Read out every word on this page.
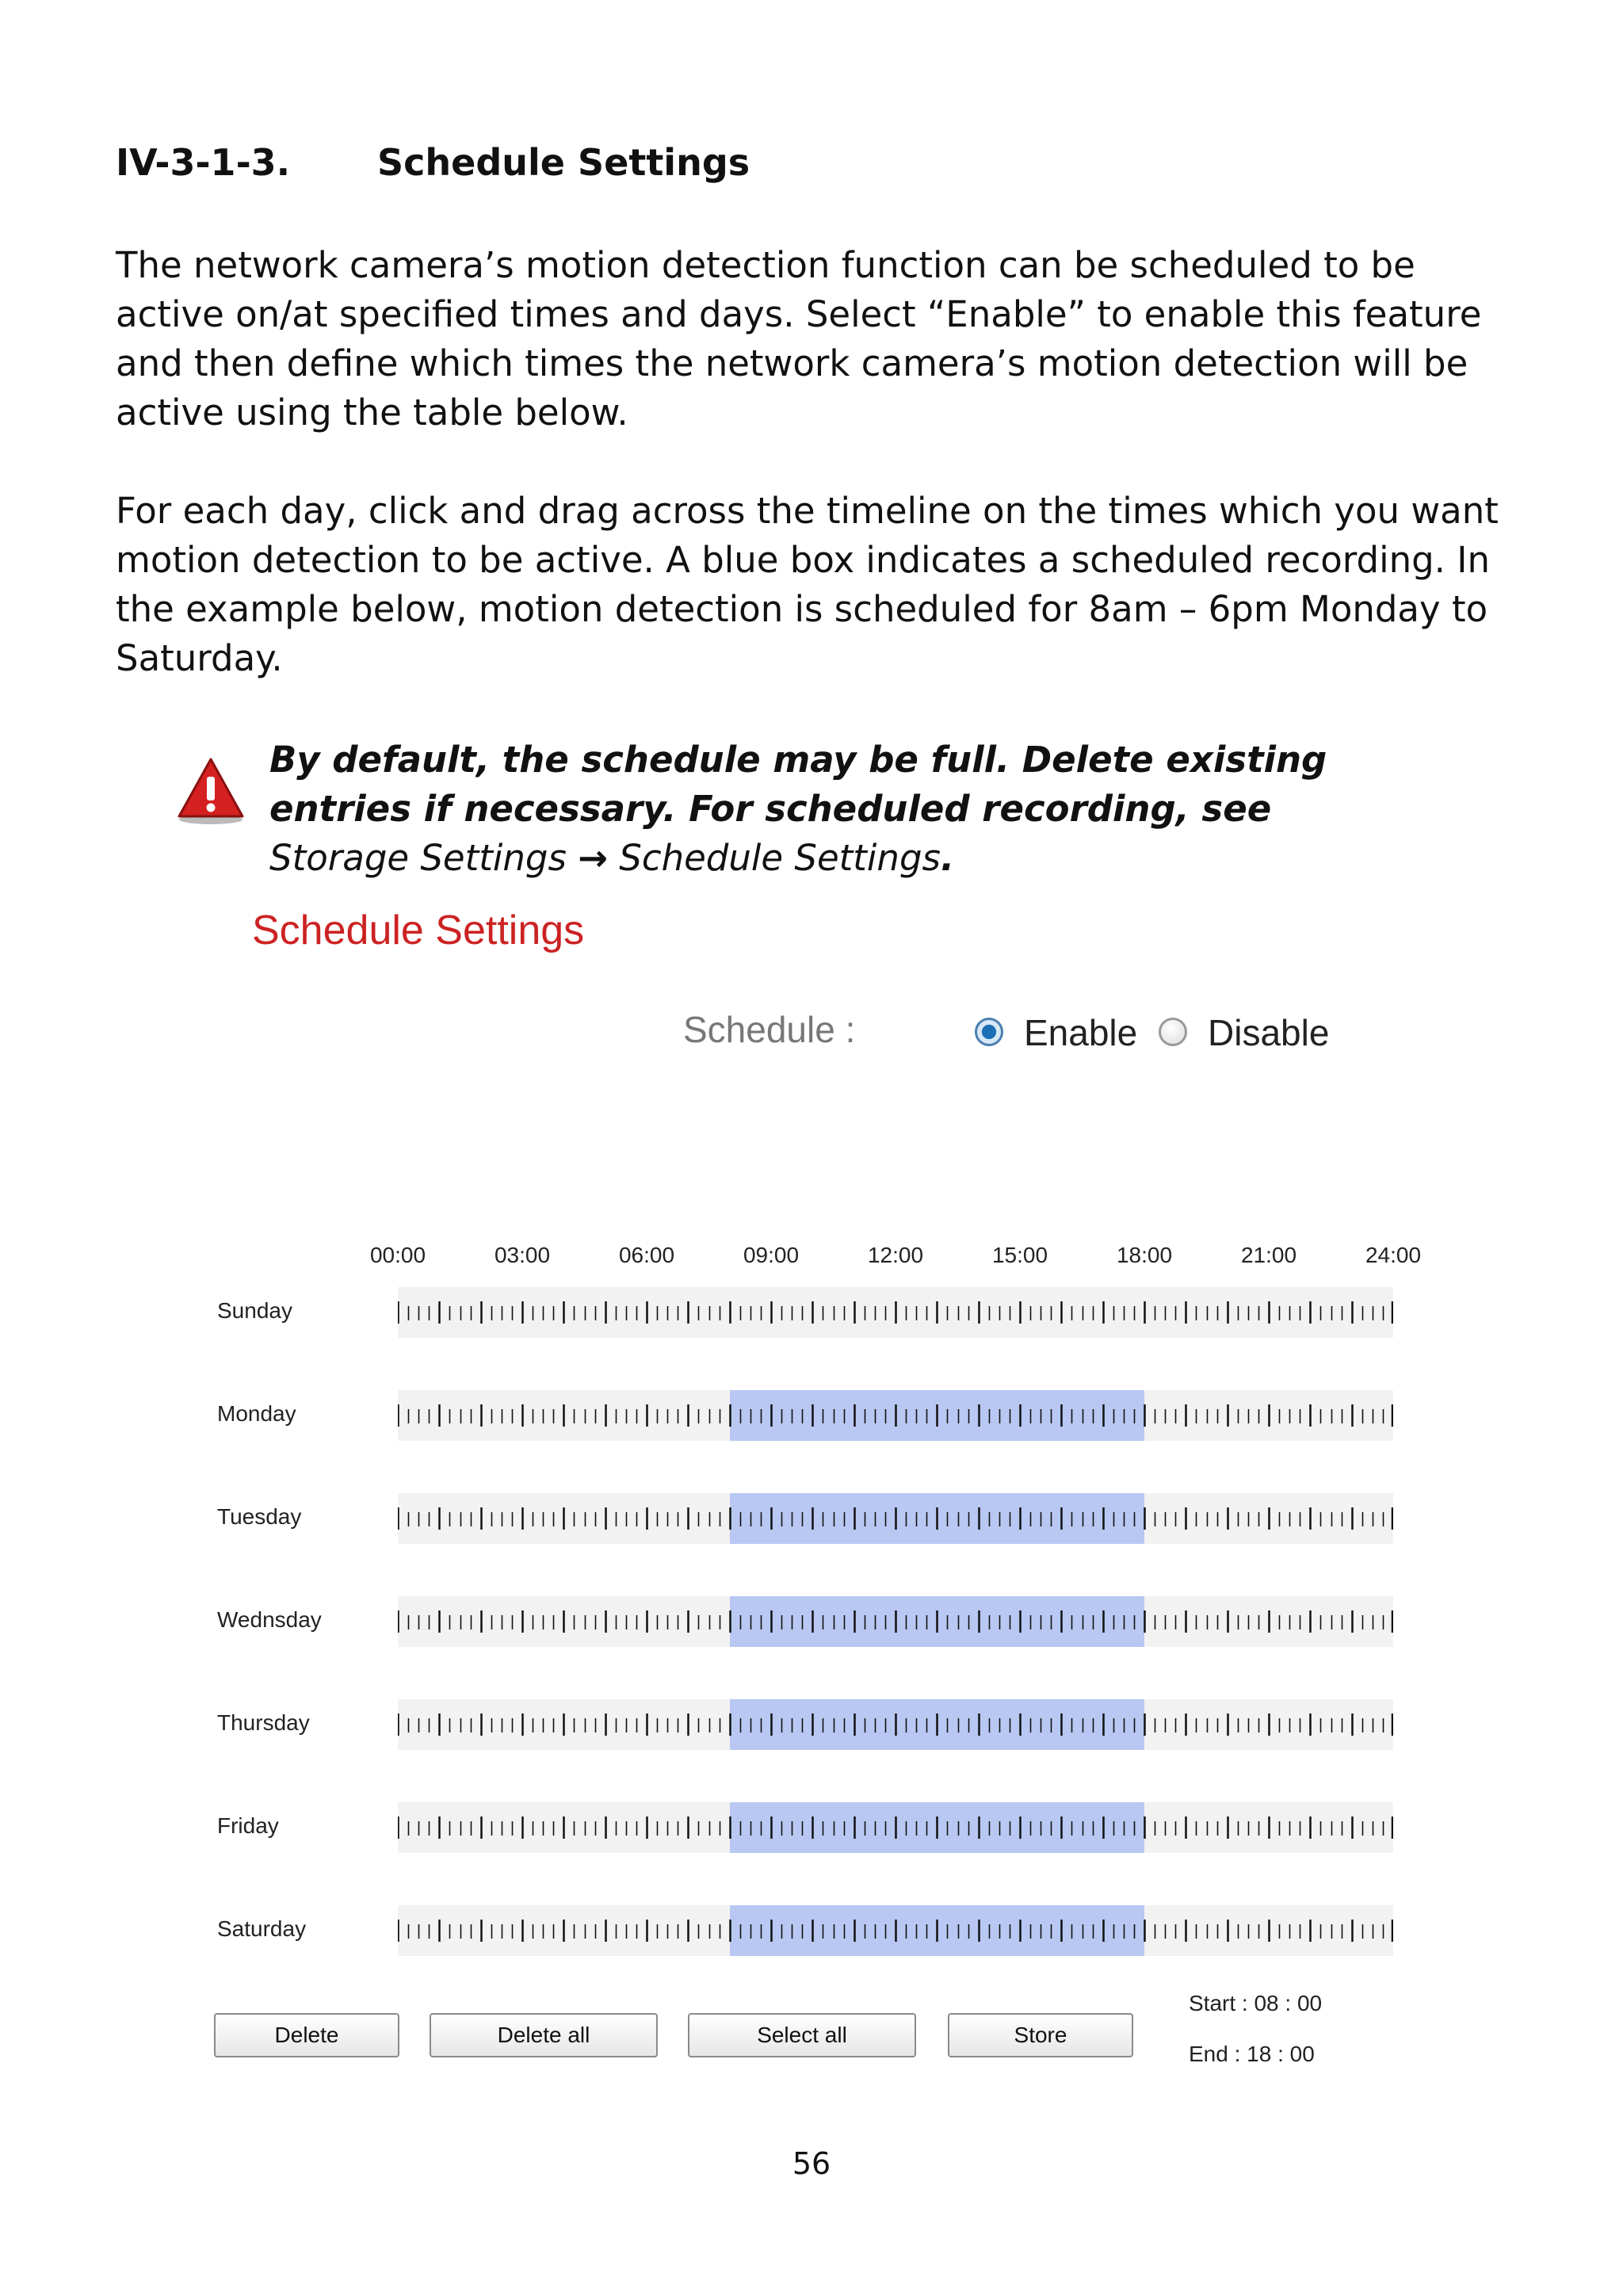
IV-3-1-3.	Schedule Settings
The network camera’s motion detection function can be scheduled to be active on/at specified times and days. Select “Enable” to enable this feature and then define which times the network camera’s motion detection will be active using the table below.
For each day, click and drag across the timeline on the times which you want motion detection to be active. A blue box indicates a scheduled recording. In the example below, motion detection is scheduled for 8am – 6pm Monday to Saturday.
By default, the schedule may be full. Delete existing entries if necessary. For scheduled recording, see Storage Settings → Schedule Settings.
Schedule Settings
Schedule :	Enable Disable
00:00	03:00	06:00	09:00	12:00	15:00	18:00	21:00	24:00
Sunday
Monday
Tuesday
Wednsday
Thursday
Friday
Saturday
Delete	Delete all	Select all	Store
Start : 08 : 00
End : 18 : 00
56
